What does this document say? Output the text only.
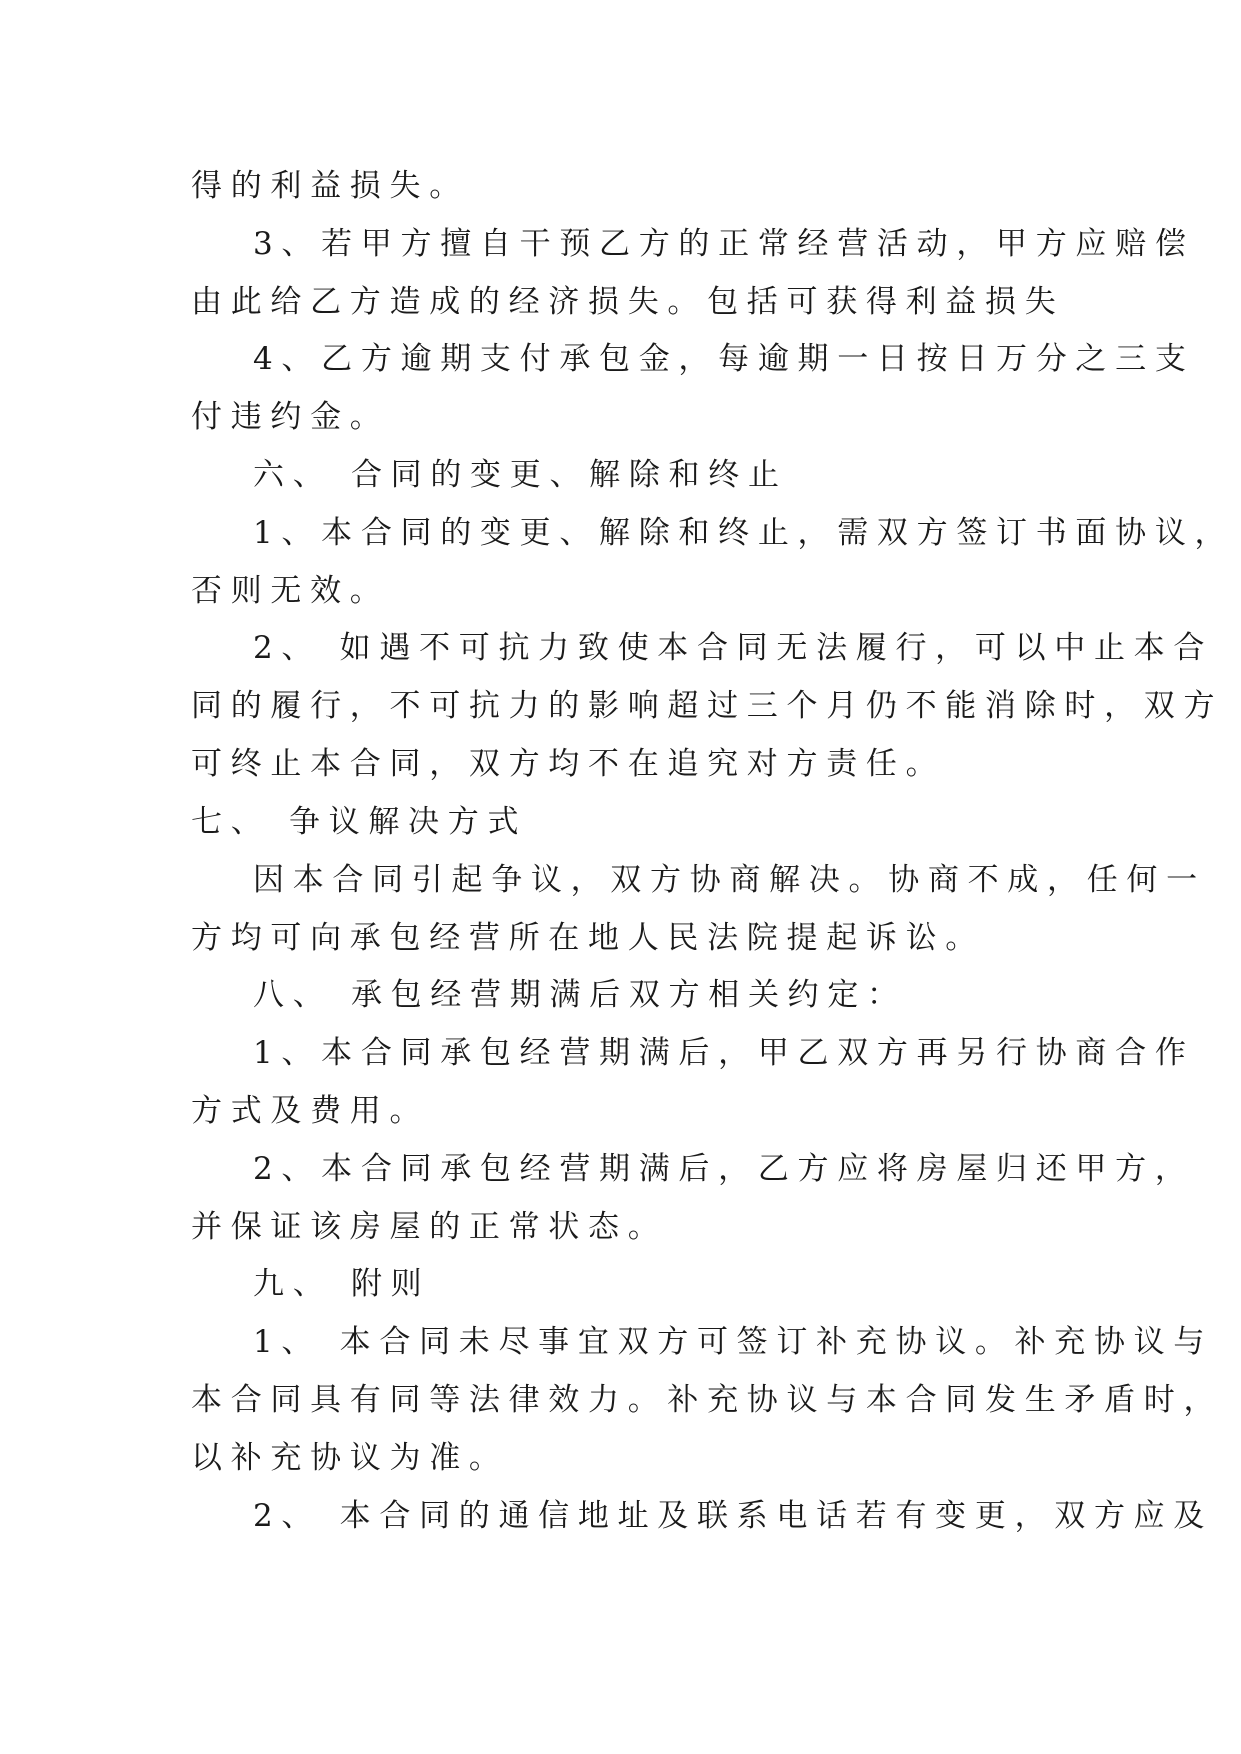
得的利益损失。
3、若甲方擅自干预乙方的正常经营活动，甲方应赔偿
由此给乙方造成的经济损失。包括可获得利益损失
4、乙方逾期支付承包金，每逾期一日按日万分之三支
付违约金。
六、 合同的变更、解除和终止
1、本合同的变更、解除和终止，需双方签订书面协议，
否则无效。
2、 如遇不可抗力致使本合同无法履行，可以中止本合
同的履行，不可抗力的影响超过三个月仍不能消除时，双方
可终止本合同，双方均不在追究对方责任。
七、 争议解决方式
因本合同引起争议，双方协商解决。协商不成，任何一
方均可向承包经营所在地人民法院提起诉讼。
八、 承包经营期满后双方相关约定：
1、本合同承包经营期满后，甲乙双方再另行协商合作
方式及费用。
2、本合同承包经营期满后，乙方应将房屋归还甲方，
并保证该房屋的正常状态。
九、 附则
1、 本合同未尽事宜双方可签订补充协议。补充协议与
本合同具有同等法律效力。补充协议与本合同发生矛盾时，
以补充协议为准。
2、 本合同的通信地址及联系电话若有变更，双方应及
